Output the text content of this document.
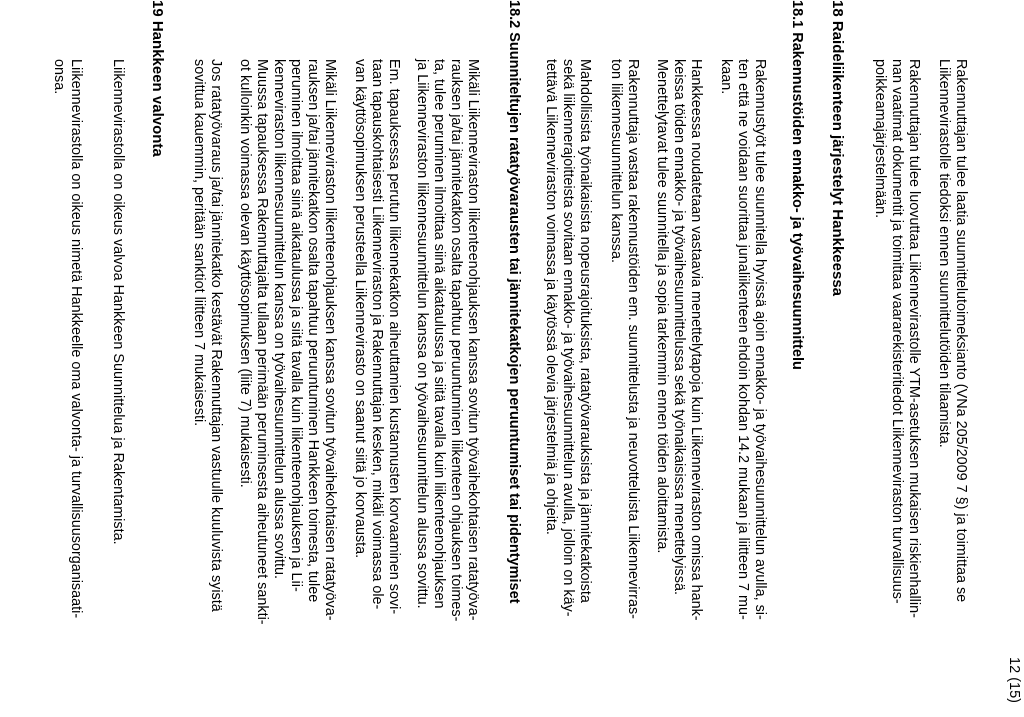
12 (15)
Rakennuttajan tulee laatia suunnittelutoimeksianto (VNa 205/2009 7 §) ja toimittaa se
Liikennevirastolle tiedoksi ennen suunnittelutöiden tilaamista.
Rakennuttajan tulee luovuttaa Liikennevirastolle YTM-asetuksen mukaisen riskienhallin-
nan vaatimat dokumentit ja toimittaa vaararekisteritiedot Liikenneviraston turvallisuus-
poikkeamajärjestelmään.
18 Raideliikenteen järjestelyt Hankkeessa
18.1 Rakennustöiden ennakko- ja työvaihesuunnittelu
Rakennustyöt tulee suunnitella hyvissä ajoin ennakko- ja työvaihesuunnittelun avulla, si-
ten että ne voidaan suorittaa junaliikenteen ehdoin kohdan 14.2 mukaan ja liitteen 7 mu-
kaan.
Hankkeessa noudatetaan vastaavia menettelytapoja kuin Liikenneviraston omissa hank-
keissa töiden ennakko- ja työvaihesuunnittelussa sekä työnaikaisissa menettelyissä.
Menettelytavat tulee suunnitella ja sopia tarkemmin ennen töiden aloittamista.
Rakennuttaja vastaa rakennustöiden em. suunnittelusta ja neuvotteluista Liikennevirras-
ton liikennesuunnittelun kanssa.
Mahdollisista työnaikaisista nopeusrajoituksista, ratatyövarauksista ja jännitekatkoista
sekä liikennerajoitteista sovitaan ennakko- ja työvaihesuunnittelun avulla, jolloin on käy-
tettävä Liikenneviraston voimassa ja käytössä olevia järjestelmiä ja ohjeita.
18.2 Suunniteltujen ratatyövarausten tai jännitekatkojen peruuntumiset tai pidentymiset
Mikäli Liikenneviraston liikenteenohjauksen kanssa sovitun työvaihekohtaisen ratatyöva-
rauksen ja/tai jännitekatkon osalta tapahtuu peruuntuminen liikenteen ohjauksen toimes-
ta, tulee peruminen ilmoittaa siinä aikataulussa ja siitä tavalla kuin liikenteenohjauksen
ja Liikenneviraston liikennesuunnittelun kanssa on työvaihesuunnittelun alussa sovittu.
Em. tapauksessa perutun liikennekatkon aiheuttamien kustannusten korvaaminen sovi-
taan tapauskohtaisesti Liikenneviraston ja Rakennuttajan kesken, mikäli voimassa ole-
van käyttösopimuksen perusteella Liikennevirasto on saanut siitä jo korvausta.
Mikäli Liikenneviraston liikenteenohjauksen kanssa sovitun työvaihekohtaisen ratatyöva-
rauksen ja/tai jännitekatkon osalta tapahtuu peruuntuminen Hankkeen toimesta, tulee
peruminen ilmoittaa siinä aikataulussa ja siitä tavalla kuin liikenteenohjauksen ja Lii-
kenneviraston liikennesuunnittelun kanssa on työvaihesuunnittelun alussa sovittu.
Muussa tapauksessa Rakennuttajalta tullaan perimään peruminsesta aiheutuneet sankti-
ot kulloinkin voimassa olevan käyttösopimuksen (liite 7) mukaisesti.
Jos ratatyövaraus ja/tai jännitekatko kestävät Rakennuttajan vastuulle kuuluvista syistä
sovittua kauemmin, peritään sanktiot liitteen 7 mukaisesti.
19 Hankkeen valvonta
Liikennevirastolla on oikeus valvoa Hankkeen Suunnittelua ja Rakentamista.
Liikennevirastolla on oikeus nimetä Hankkeelle oma valvonta- ja turvallisuusorganisaati-
onsa.
